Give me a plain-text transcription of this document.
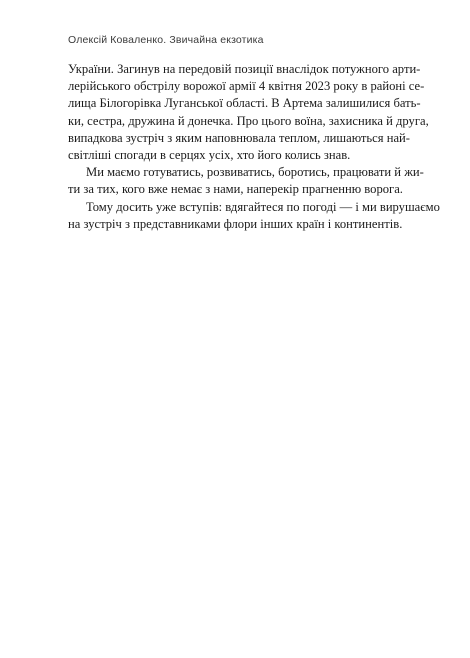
Олексій Коваленко. Звичайна екзотика

України. Загинув на передовій позиції внаслідок потужного арти-
лерійського обстрілу ворожої армії 4 квітня 2023 року в районі се-
лища Білогорівка Луганської області. В Артема залишилися бать-
ки, сестра, дружина й донечка. Про цього воїна, захисника й друга,
випадкова зустріч з яким наповнювала теплом, лишаються най-
світліші спогади в серцях усіх, хто його колись знав.

Ми маємо готуватись, розвиватись, боротись, працювати й жи-
ти за тих, кого вже немає з нами, наперекір прагненню ворога.

Тому досить уже вступів: вдягайтеся по погоді — і ми вирушаємо
на зустріч з представниками флори інших країн і континентів.
